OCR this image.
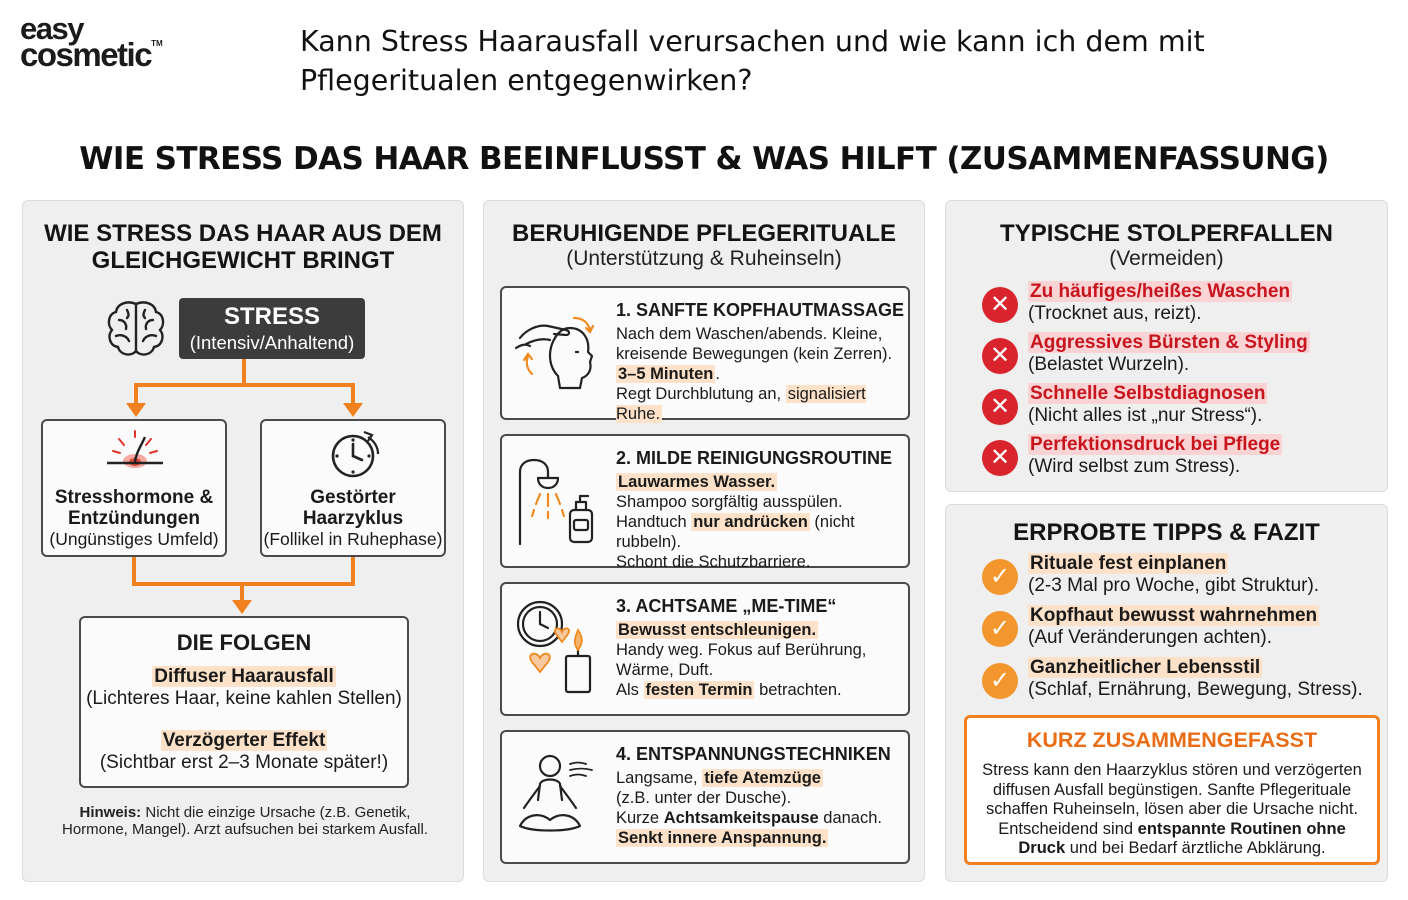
easy
cosmetic™	Kann Stress Haarausfall verursachen und wie kann ich dem mit Pflegeritualen entgegenwirken?
WIE STRESS DAS HAAR BEEINFLUSST & WAS HILFT (ZUSAMMENFASSUNG)
WIE STRESS DAS HAAR AUS DEM GLEICHGEWICHT BRINGT
STRESS
(Intensiv/Anhaltend)
Stresshormone &
Entzündungen
(Ungünstiges Umfeld)
Gestörter
Haarzyklus
(Follikel in Ruhephase)
DIE FOLGEN
Diffuser Haarausfall
(Lichteres Haar, keine kahlen Stellen)
Verzögerter Effekt
(Sichtbar erst 2–3 Monate später!)
Hinweis: Nicht die einzige Ursache (z.B. Genetik, Hormone, Mangel). Arzt aufsuchen bei starkem Ausfall.
BERUHIGENDE PFLEGERITUALE
(Unterstützung & Ruheinseln)
1. SANFTE KOPFHAUTMASSAGE
Nach dem Waschen/abends. Kleine,
kreisende Bewegungen (kein Zerren).
3–5 Minuten .
Regt Durchblutung an, signalisiert Ruhe.
2. MILDE REINIGUNGSROUTINE
Lauwarmes Wasser.
Shampoo sorgfältig ausspülen.
Handtuch nur andrücken (nicht rubbeln).
Schont die Schutzbarriere.
3. ACHTSAME „ME-TIME“
Bewusst entschleunigen.
Handy weg. Fokus auf Berührung,
Wärme, Duft.
Als festen Termin betrachten.
4. ENTSPANNUNGSTECHNIKEN
Langsame, tiefe Atemzüge
(z.B. unter der Dusche).
Kurze Achtsamkeitspause danach.
Senkt innere Anspannung.
TYPISCHE STOLPERFALLEN
(Vermeiden)
✕	Zu häufiges/heißes Waschen
(Trocknet aus, reizt).
✕	Aggressives Bürsten & Styling
(Belastet Wurzeln).
✕	Schnelle Selbstdiagnosen
(Nicht alles ist „nur Stress“).
✕	Perfektionsdruck bei Pflege
(Wird selbst zum Stress).
ERPROBTE TIPPS & FAZIT
✓	Rituale fest einplanen
(2-3 Mal pro Woche, gibt Struktur).
✓	Kopfhaut bewusst wahrnehmen
(Auf Veränderungen achten).
✓	Ganzheitlicher Lebensstil
(Schlaf, Ernährung, Bewegung, Stress).
KURZ ZUSAMMENGEFASST
Stress kann den Haarzyklus stören und verzögerten
diffusen Ausfall begünstigen. Sanfte Pflegerituale
schaffen Ruheinseln, lösen aber die Ursache nicht.
Entscheidend sind entspannte Routinen ohne
Druck und bei Bedarf ärztliche Abklärung.
